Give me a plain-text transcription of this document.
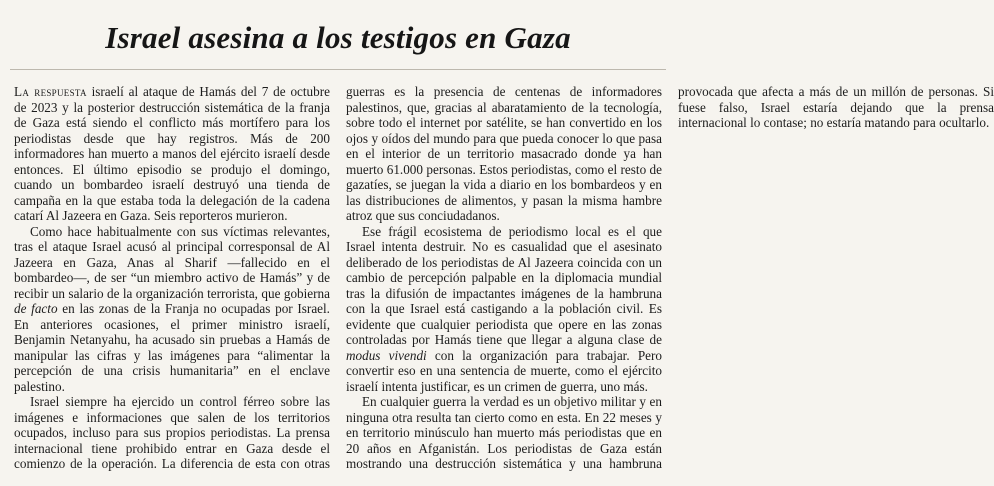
Israel asesina a los testigos en Gaza

La respuesta israelí al ataque de Hamás del 7 de octubre de 2023 y la posterior destrucción sistemática de la franja de Gaza está siendo el conflicto más mortífero para los periodistas desde que hay registros. Más de 200 informadores han muerto a manos del ejército israelí desde entonces. El último episodio se produjo el domingo, cuando un bombardeo israelí destruyó una tienda de campaña en la que estaba toda la delegación de la cadena catarí Al Jazeera en Gaza. Seis reporteros murieron.

Como hace habitualmente con sus víctimas relevantes, tras el ataque Israel acusó al principal corresponsal de Al Jazeera en Gaza, Anas al Sharif —fallecido en el bombardeo—, de ser “un miembro activo de Hamás” y de recibir un salario de la organización terrorista, que gobierna de facto en las zonas de la Franja no ocupadas por Israel. En anteriores ocasiones, el primer ministro israelí, Benjamin Netanyahu, ha acusado sin pruebas a Hamás de manipular las cifras y las imágenes para “alimentar la percepción de una crisis humanitaria” en el enclave palestino.

Israel siempre ha ejercido un control férreo sobre las imágenes e informaciones que salen de los territorios ocupados, incluso para sus propios periodistas. La prensa internacional tiene prohibido entrar en Gaza desde el comienzo de la operación. La diferencia de esta con otras guerras es la presencia de centenas de informadores palestinos, que, gracias al abaratamiento de la tecnología, sobre todo el internet por satélite, se han convertido en los ojos y oídos del mundo para que pueda conocer lo que pasa en el interior de un territorio masacrado donde ya han muerto 61.000 personas. Estos periodistas, como el resto de gazatíes, se juegan la vida a diario en los bombardeos y en las distribuciones de alimentos, y pasan la misma hambre atroz que sus conciudadanos.

Ese frágil ecosistema de periodismo local es el que Israel intenta destruir. No es casualidad que el asesinato deliberado de los periodistas de Al Jazeera coincida con un cambio de percepción palpable en la diplomacia mundial tras la difusión de impactantes imágenes de la hambruna con la que Israel está castigando a la población civil. Es evidente que cualquier periodista que opere en las zonas controladas por Hamás tiene que llegar a alguna clase de modus vivendi con la organización para trabajar. Pero convertir eso en una sentencia de muerte, como el ejército israelí intenta justificar, es un crimen de guerra, uno más.

En cualquier guerra la verdad es un objetivo militar y en ninguna otra resulta tan cierto como en esta. En 22 meses y en territorio minúsculo han muerto más periodistas que en 20 años en Afganistán. Los periodistas de Gaza están mostrando una destrucción sistemática y una hambruna provocada que afecta a más de un millón de personas. Si fuese falso, Israel estaría dejando que la prensa internacional lo contase; no estaría matando para ocultarlo.
